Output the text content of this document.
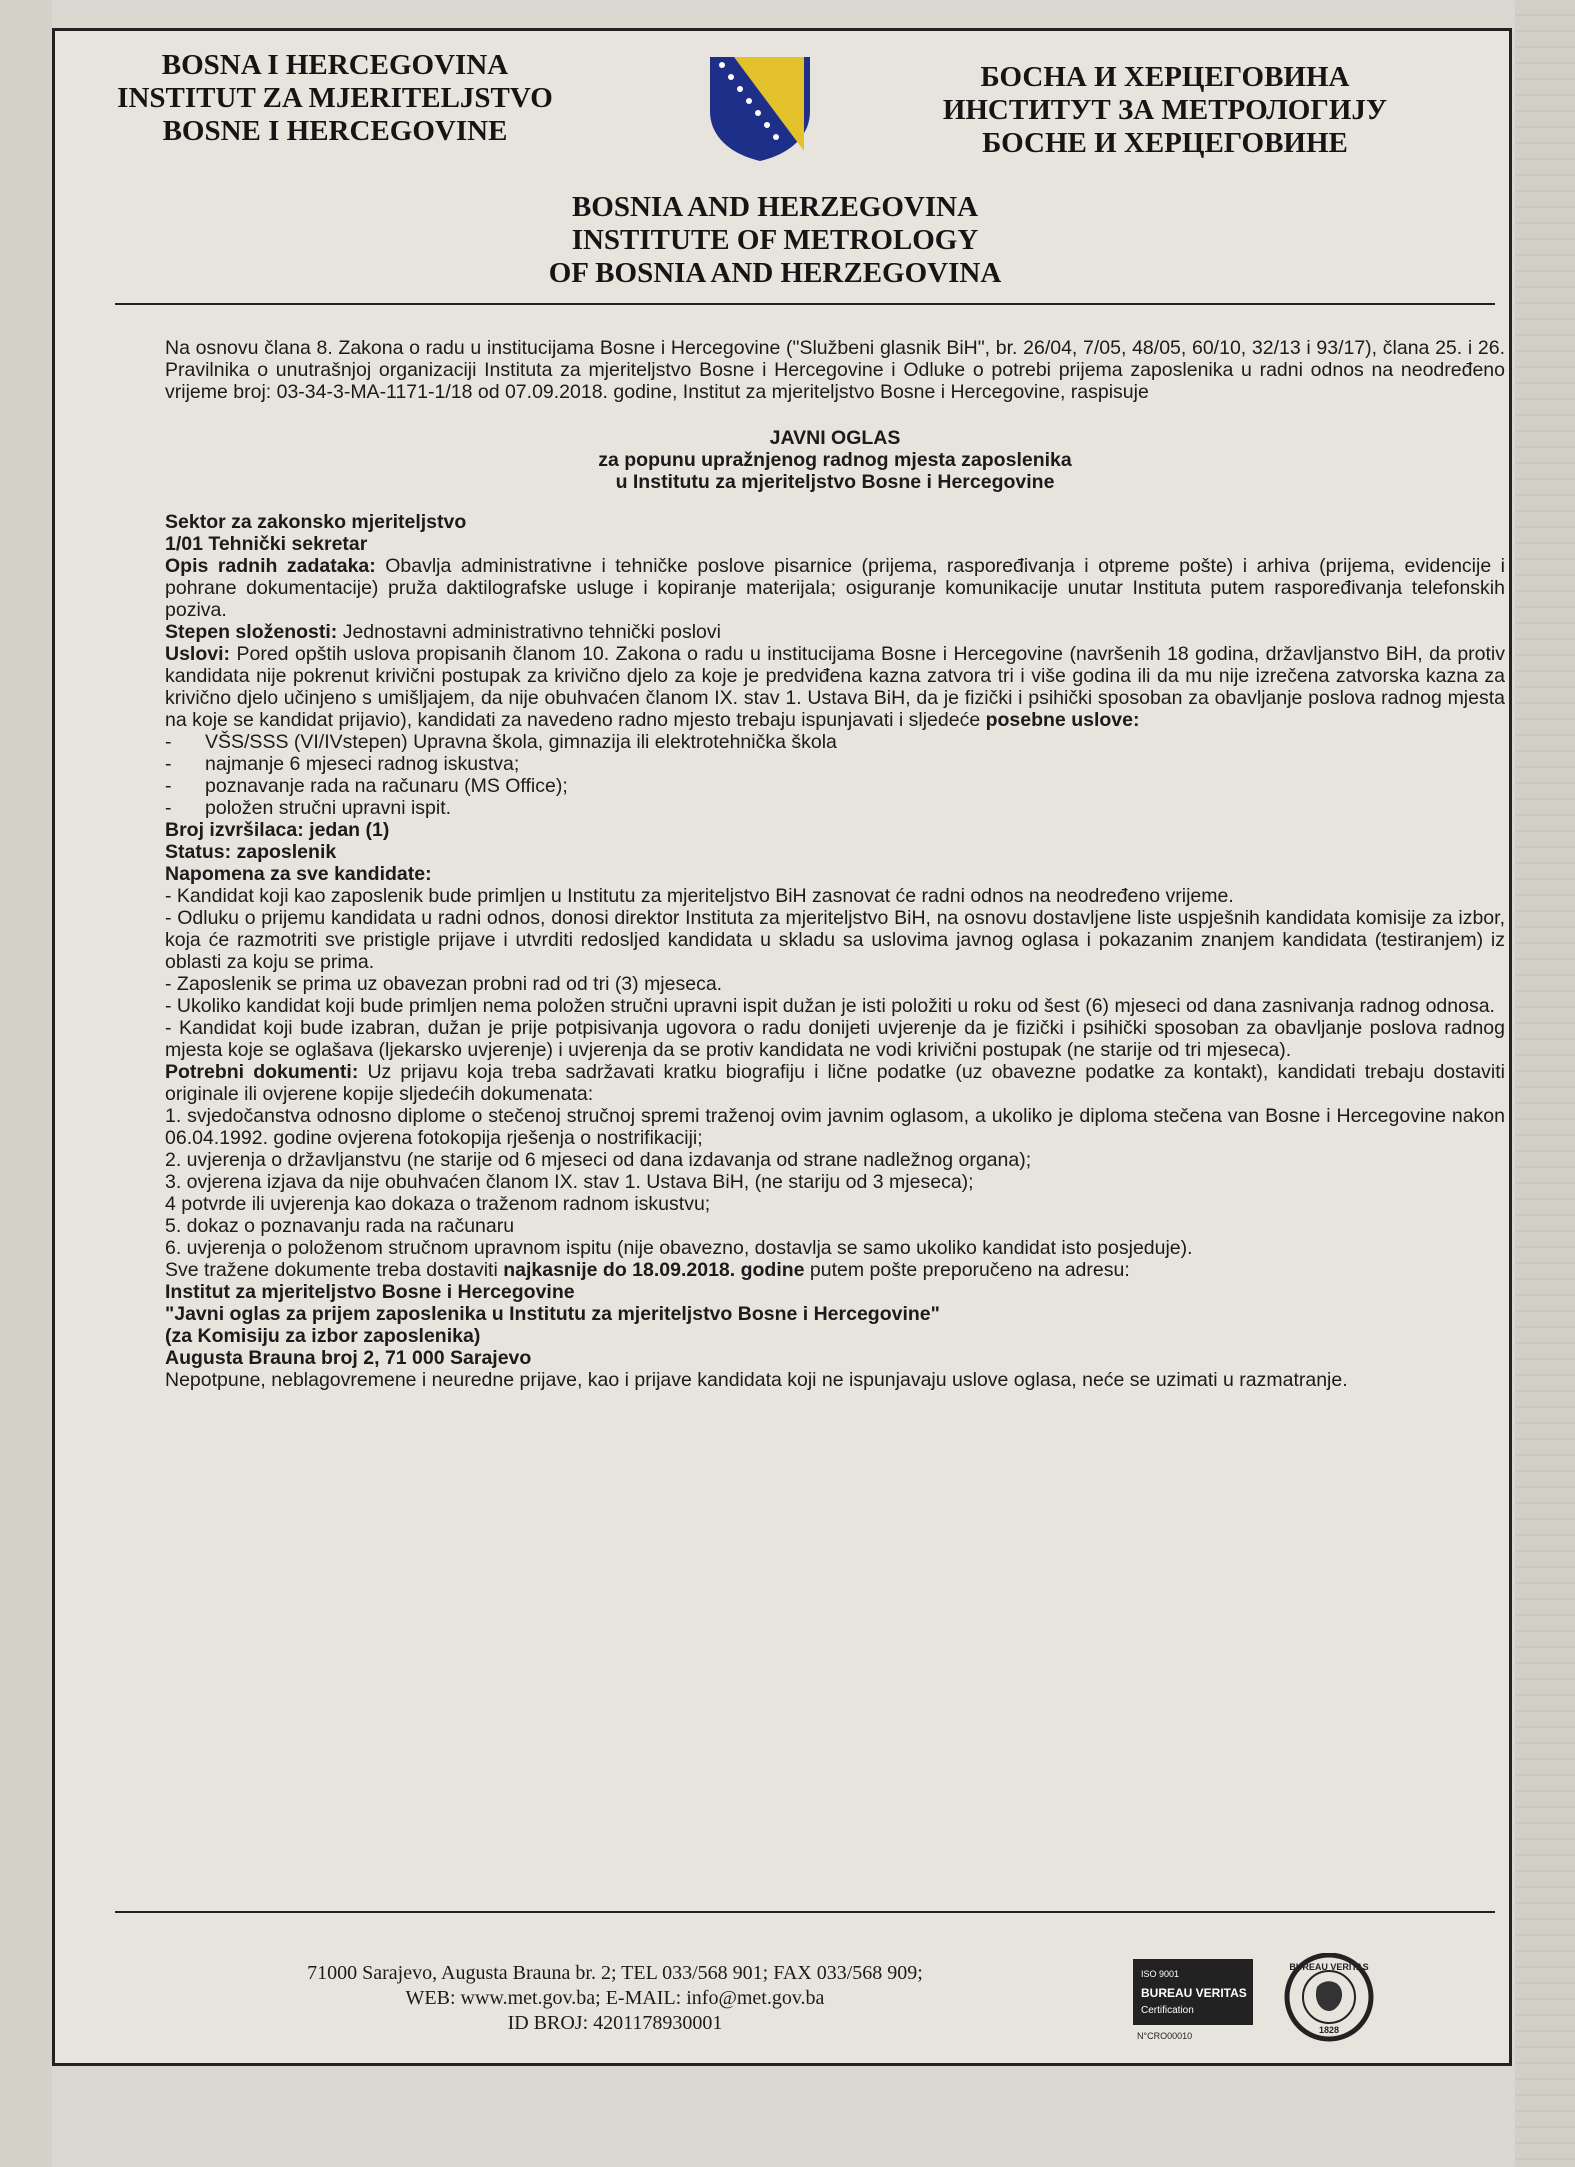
BOSNA I HERCEGOVINA
INSTITUT ZA MJERITELJSTVO
BOSNE I HERCEGOVINE
БОСНА И ХЕРЦЕГОВИНА
ИНСТИТУТ ЗА МЕТРОЛОГИЈУ
БОСНЕ И ХЕРЦЕГОВИНЕ
BOSNIA AND HERZEGOVINA
INSTITUTE OF METROLOGY
OF BOSNIA AND HERZEGOVINA

Na osnovu člana 8. Zakona o radu u institucijama Bosne i Hercegovine ("Službeni glasnik BiH", br. 26/04, 7/05, 48/05, 60/10, 32/13 i 93/17), člana 25. i 26. Pravilnika o unutrašnjoj organizaciji Instituta za mjeriteljstvo Bosne i Hercegovine i Odluke o potrebi prijema zaposlenika u radni odnos na neodređeno vrijeme broj: 03-34-3-MA-1171-1/18 od 07.09.2018. godine, Institut za mjeriteljstvo Bosne i Hercegovine, raspisuje

JAVNI OGLAS
za popunu upražnjenog radnog mjesta zaposlenika
u Institutu za mjeriteljstvo Bosne i Hercegovine

Sektor za zakonsko mjeriteljstvo

1/01 Tehnički sekretar

Opis radnih zadataka: Obavlja administrativne i tehničke poslove pisarnice (prijema, raspoređivanja i otpreme pošte) i arhiva (prijema, evidencije i pohrane dokumentacije) pruža daktilografske usluge i kopiranje materijala; osiguranje komunikacije unutar Instituta putem raspoređivanja telefonskih poziva.

Stepen složenosti: Jednostavni administrativno tehnički poslovi

Uslovi: Pored opštih uslova propisanih članom 10. Zakona o radu u institucijama Bosne i Hercegovine (navršenih 18 godina, državljanstvo BiH, da protiv kandidata nije pokrenut krivični postupak za krivično djelo za koje je predviđena kazna zatvora tri i više godina ili da mu nije izrečena zatvorska kazna za krivično djelo učinjeno s umišljajem, da nije obuhvaćen članom IX. stav 1. Ustava BiH, da je fizički i psihički sposoban za obavljanje poslova radnog mjesta na koje se kandidat prijavio), kandidati za navedeno radno mjesto trebaju ispunjavati i sljedeće posebne uslove:

- VŠS/SSS (VI/IVstepen) Upravna škola, gimnazija ili elektrotehnička škola
- najmanje 6 mjeseci radnog iskustva;
- poznavanje rada na računaru (MS Office);
- položen stručni upravni ispit.

Broj izvršilaca: jedan (1)

Status: zaposlenik

Napomena za sve kandidate:

- Kandidat koji kao zaposlenik bude primljen u Institutu za mjeriteljstvo BiH zasnovat će radni odnos na neodređeno vrijeme.

- Odluku o prijemu kandidata u radni odnos, donosi direktor Instituta za mjeriteljstvo BiH, na osnovu dostavljene liste uspješnih kandidata komisije za izbor, koja će razmotriti sve pristigle prijave i utvrditi redosljed kandidata u skladu sa uslovima javnog oglasa i pokazanim znanjem kandidata (testiranjem) iz oblasti za koju se prima.

- Zaposlenik se prima uz obavezan probni rad od tri (3) mjeseca.

- Ukoliko kandidat koji bude primljen nema položen stručni upravni ispit dužan je isti položiti u roku od šest (6) mjeseci od dana zasnivanja radnog odnosa.

- Kandidat koji bude izabran, dužan je prije potpisivanja ugovora o radu donijeti uvjerenje da je fizički i psihički sposoban za obavljanje poslova radnog mjesta koje se oglašava (ljekarsko uvjerenje) i uvjerenja da se protiv kandidata ne vodi krivični postupak (ne starije od tri mjeseca).

Potrebni dokumenti: Uz prijavu koja treba sadržavati kratku biografiju i lične podatke (uz obavezne podatke za kontakt), kandidati trebaju dostaviti originale ili ovjerene kopije sljedećih dokumenata:

1. svjedočanstva odnosno diplome o stečenoj stručnoj spremi traženoj ovim javnim oglasom, a ukoliko je diploma stečena van Bosne i Hercegovine nakon 06.04.1992. godine ovjerena fotokopija rješenja o nostrifikaciji;

2. uvjerenja o državljanstvu (ne starije od 6 mjeseci od dana izdavanja od strane nadležnog organa);

3. ovjerena izjava da nije obuhvaćen članom IX. stav 1. Ustava BiH, (ne stariju od 3 mjeseca);

4 potvrde ili uvjerenja kao dokaza o traženom radnom iskustvu;

5. dokaz o poznavanju rada na računaru

6. uvjerenja o položenom stručnom upravnom ispitu (nije obavezno, dostavlja se samo ukoliko kandidat isto posjeduje).

Sve tražene dokumente treba dostaviti najkasnije do 18.09.2018. godine putem pošte preporučeno na adresu:

Institut za mjeriteljstvo Bosne i Hercegovine
"Javni oglas za prijem zaposlenika u Institutu za mjeriteljstvo Bosne i Hercegovine"
(za Komisiju za izbor zaposlenika)
Augusta Brauna broj 2, 71 000 Sarajevo

Nepotpune, neblagovremene i neuredne prijave, kao i prijave kandidata koji ne ispunjavaju uslove oglasa, neće se uzimati u razmatranje.

71000 Sarajevo, Augusta Brauna br. 2; TEL 033/568 901; FAX 033/568 909;
WEB: www.met.gov.ba; E-MAIL: info@met.gov.ba
ID BROJ: 4201178930001
ISO 9001
BUREAU VERITAS
Certification
N°CRO00010
BUREAU VERITAS
1828
